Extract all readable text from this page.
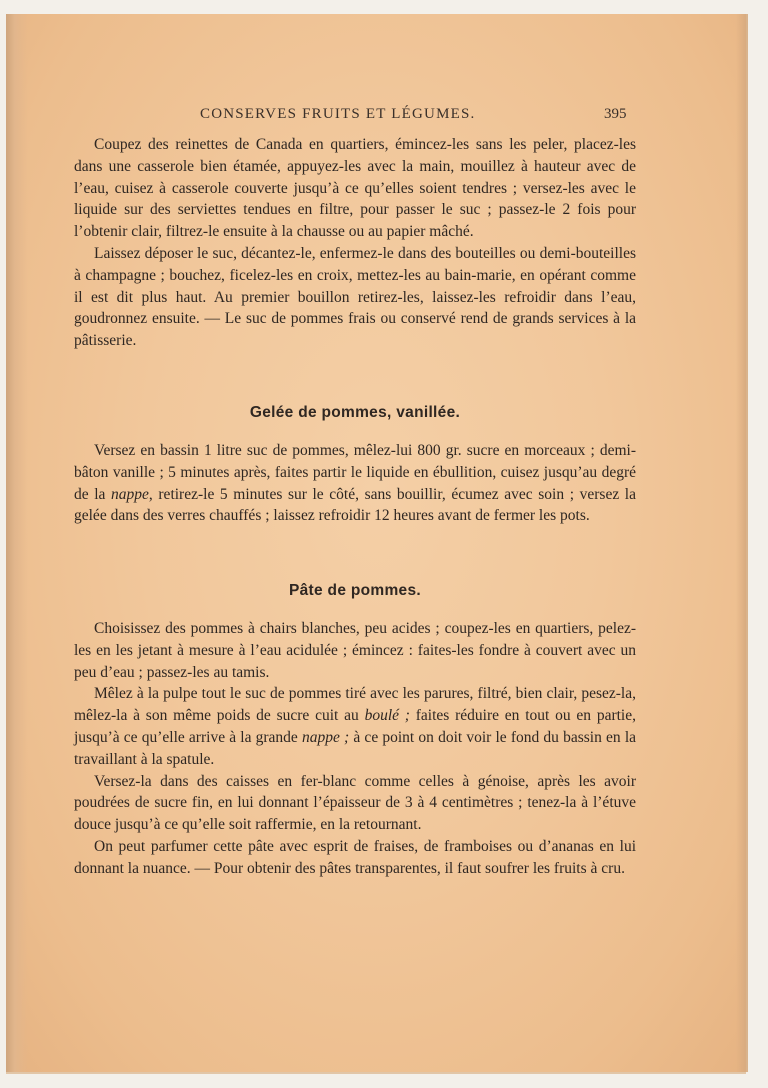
CONSERVES FRUITS ET LÉGUMES.	395

Coupez des reinettes de Canada en quartiers, émincez-les sans les peler, placez-les dans une casserole bien étamée, appuyez-les avec la main, mouillez à hauteur avec de l’eau, cuisez à casserole couverte jusqu’à ce qu’elles soient tendres ; versez-les avec le liquide sur des serviettes tendues en filtre, pour passer le suc ; passez-le 2 fois pour l’obtenir clair, filtrez-le ensuite à la chausse ou au papier mâché.

Laissez déposer le suc, décantez-le, enfermez-le dans des bouteilles ou demi-bouteilles à champagne ; bouchez, ficelez-les en croix, mettez-les au bain-marie, en opérant comme il est dit plus haut. Au premier bouillon retirez-les, laissez-les refroidir dans l’eau, goudronnez ensuite. — Le suc de pommes frais ou conservé rend de grands services à la pâtisserie.

Gelée de pommes, vanillée.

Versez en bassin 1 litre suc de pommes, mêlez-lui 800 gr. sucre en morceaux ; demi-bâton vanille ; 5 minutes après, faites partir le liquide en ébullition, cuisez jusqu’au degré de la nappe, retirez-le 5 minutes sur le côté, sans bouillir, écumez avec soin ; versez la gelée dans des verres chauffés ; laissez refroidir 12 heures avant de fermer les pots.

Pâte de pommes.

Choisissez des pommes à chairs blanches, peu acides ; coupez-les en quartiers, pelez-les en les jetant à mesure à l’eau acidulée ; émincez : faites-les fondre à couvert avec un peu d’eau ; passez-les au tamis.

Mêlez à la pulpe tout le suc de pommes tiré avec les parures, filtré, bien clair, pesez-la, mêlez-la à son même poids de sucre cuit au boulé ; faites réduire en tout ou en partie, jusqu’à ce qu’elle arrive à la grande nappe ; à ce point on doit voir le fond du bassin en la travaillant à la spatule.

Versez-la dans des caisses en fer-blanc comme celles à génoise, après les avoir poudrées de sucre fin, en lui donnant l’épaisseur de 3 à 4 centimètres ; tenez-la à l’étuve douce jusqu’à ce qu’elle soit raffermie, en la retournant.

On peut parfumer cette pâte avec esprit de fraises, de framboises ou d’ananas en lui donnant la nuance. — Pour obtenir des pâtes transparentes, il faut soufrer les fruits à cru.
